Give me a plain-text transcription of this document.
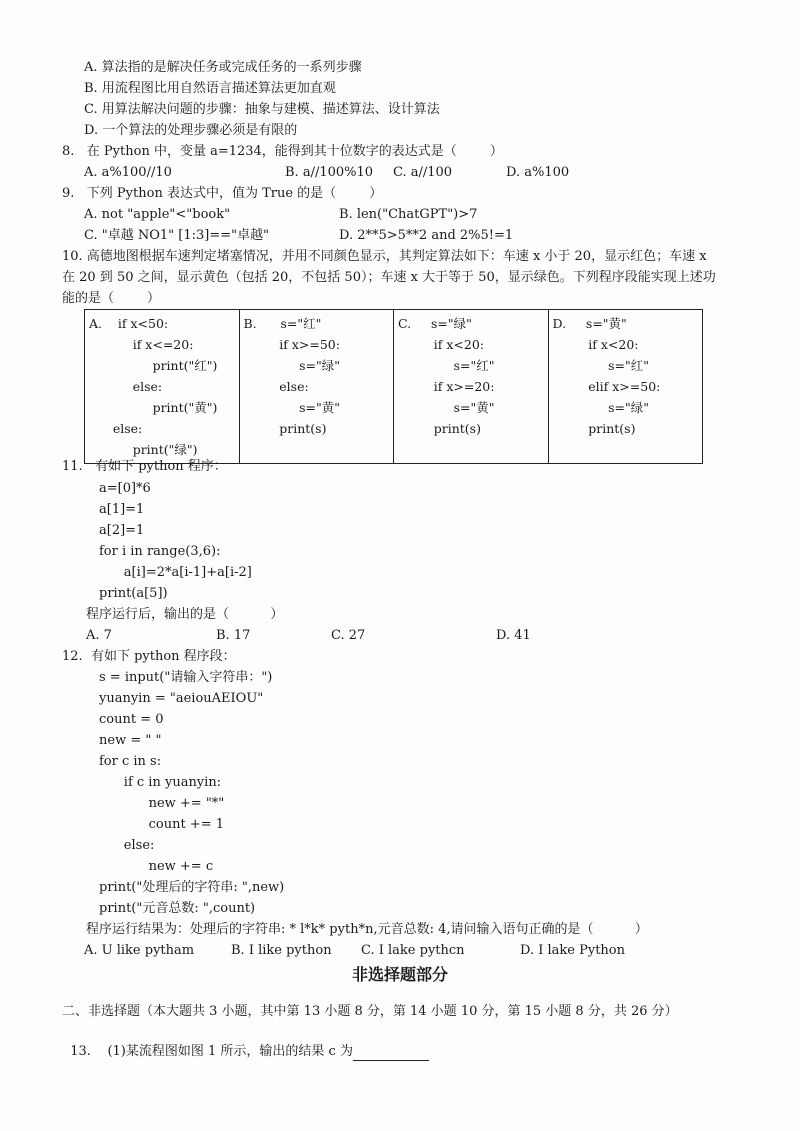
A. 算法指的是解决任务或完成任务的一系列步骤
B. 用流程图比用自然语言描述算法更加直观
C. 用算法解决问题的步骤：抽象与建模、描述算法、设计算法
D. 一个算法的处理步骤必须是有限的
8.   在 Python 中，变量 a=1234，能得到其十位数字的表达式是（        ）
A. a%100//10	B. a//100%10 C. a//100	D. a%100
9.   下列 Python 表达式中，值为 True 的是（        ）
A. not "apple"<"book"	B. len("ChatGPT")>7
C. "卓越 NO1" [1:3]=="卓越"	D. 2**5>5**2 and 2%5!=1
10. 高德地图根据车速判定堵塞情况，并用不同颜色显示，其判定算法如下：车速 x 小于 20，显示红色；车速 x
在 20 到 50 之间，显示黄色（包括 20，不包括 50）；车速 x 大于等于 50，显示绿色。下列程序段能实现上述功
能的是（        ）
A.    if x<50:
if x<=20:
print("红")
else:
print("黄")
else:
print("绿")

B.      s="红"
if x>=50:
s="绿"
else:
s="黄"
print(s)

C.     s="绿"
if x<20:
s="红"
if x>=20:
s="黄"
print(s)

D.     s="黄"
if x<20:
s="红"
elif x>=50:
s="绿"
print(s)
11.   有如下 python 程序：
a=[0]*6
a[1]=1
a[2]=1
for i in range(3,6):
a[i]=2*a[i-1]+a[i-2]
print(a[5])
程序运行后，输出的是（          ）
A. 7	B. 17	C. 27	D. 41
12.  有如下 python 程序段：
s = input("请输入字符串：")
yuanyin = "aeiouAEIOU"
count = 0
new = " "
for c in s:
if c in yuanyin:
new += "*"
count += 1
else:
new += c
print("处理后的字符串: ",new)
print("元音总数: ",count)
程序运行结果为：处理后的字符串: * l*k* pyth*n,元音总数: 4,请问输入语句正确的是（          ）
A. U like pytham	B. I like python C. I lake pythcn	D. I lake Python
非选择题部分
二、非选择题（本大题共 3 小题，其中第 13 小题 8 分，第 14 小题 10 分，第 15 小题 8 分，共 26 分）

13.    (1)某流程图如图 1 所示，输出的结果 c 为
